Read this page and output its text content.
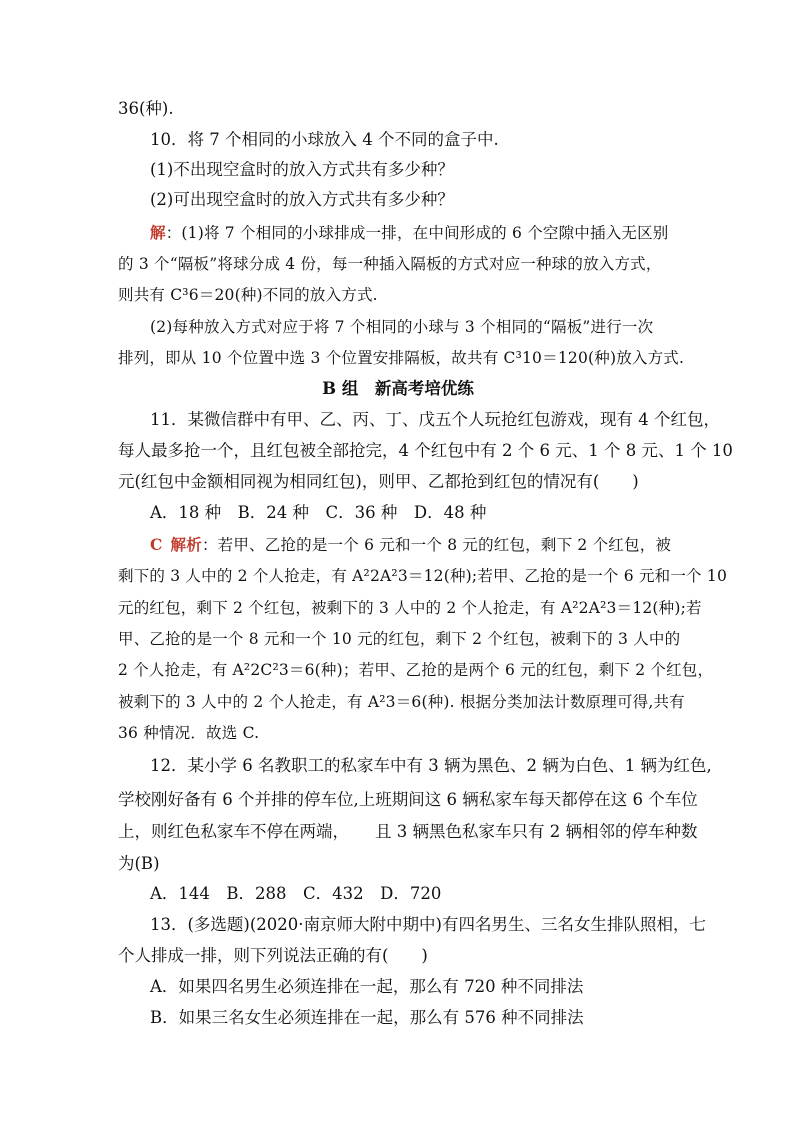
36(种).
10．将 7 个相同的小球放入 4 个不同的盒子中.
(1)不出现空盒时的放入方式共有多少种？
(2)可出现空盒时的放入方式共有多少种？
解：(1)将 7 个相同的小球排成一排，在中间形成的 6 个空隙中插入无区别
的 3 个“隔板”将球分成 4 份，每一种插入隔板的方式对应一种球的放入方式，
则共有 C³6＝20(种)不同的放入方式.
(2)每种放入方式对应于将 7 个相同的小球与 3 个相同的“隔板”进行一次
排列，即从 10 个位置中选 3 个位置安排隔板，故共有 C³10＝120(种)放入方式.
B 组　新高考培优练
11．某微信群中有甲、乙、丙、丁、戊五个人玩抢红包游戏，现有 4 个红包，
每人最多抢一个，且红包被全部抢完，4 个红包中有 2 个 6 元、1 个 8 元、1 个 10
元(红包中金额相同视为相同红包)，则甲、乙都抢到红包的情况有(　　)
A．18 种　B．24 种　C．36 种　D．48 种
C 解析：若甲、乙抢的是一个 6 元和一个 8 元的红包，剩下 2 个红包，被
剩下的 3 人中的 2 个人抢走，有 A²2A²3＝12(种);若甲、乙抢的是一个 6 元和一个 10
元的红包，剩下 2 个红包，被剩下的 3 人中的 2 个人抢走，有 A²2A²3＝12(种);若
甲、乙抢的是一个 8 元和一个 10 元的红包，剩下 2 个红包，被剩下的 3 人中的
2 个人抢走，有 A²2C²3＝6(种)；若甲、乙抢的是两个 6 元的红包，剩下 2 个红包，
被剩下的 3 人中的 2 个人抢走，有 A²3＝6(种). 根据分类加法计数原理可得,共有
36 种情况．故选 C.
12．某小学 6 名教职工的私家车中有 3 辆为黑色、2 辆为白色、1 辆为红色,
学校刚好备有 6 个并排的停车位,上班期间这 6 辆私家车每天都停在这 6 个车位
上，则红色私家车不停在两端， 且 3 辆黑色私家车只有 2 辆相邻的停车种数
为(B)
A．144　B．288　C．432　D．720
13．(多选题)(2020·南京师大附中期中)有四名男生、三名女生排队照相，七
个人排成一排，则下列说法正确的有(　　)
A．如果四名男生必须连排在一起，那么有 720 种不同排法
B．如果三名女生必须连排在一起，那么有 576 种不同排法
